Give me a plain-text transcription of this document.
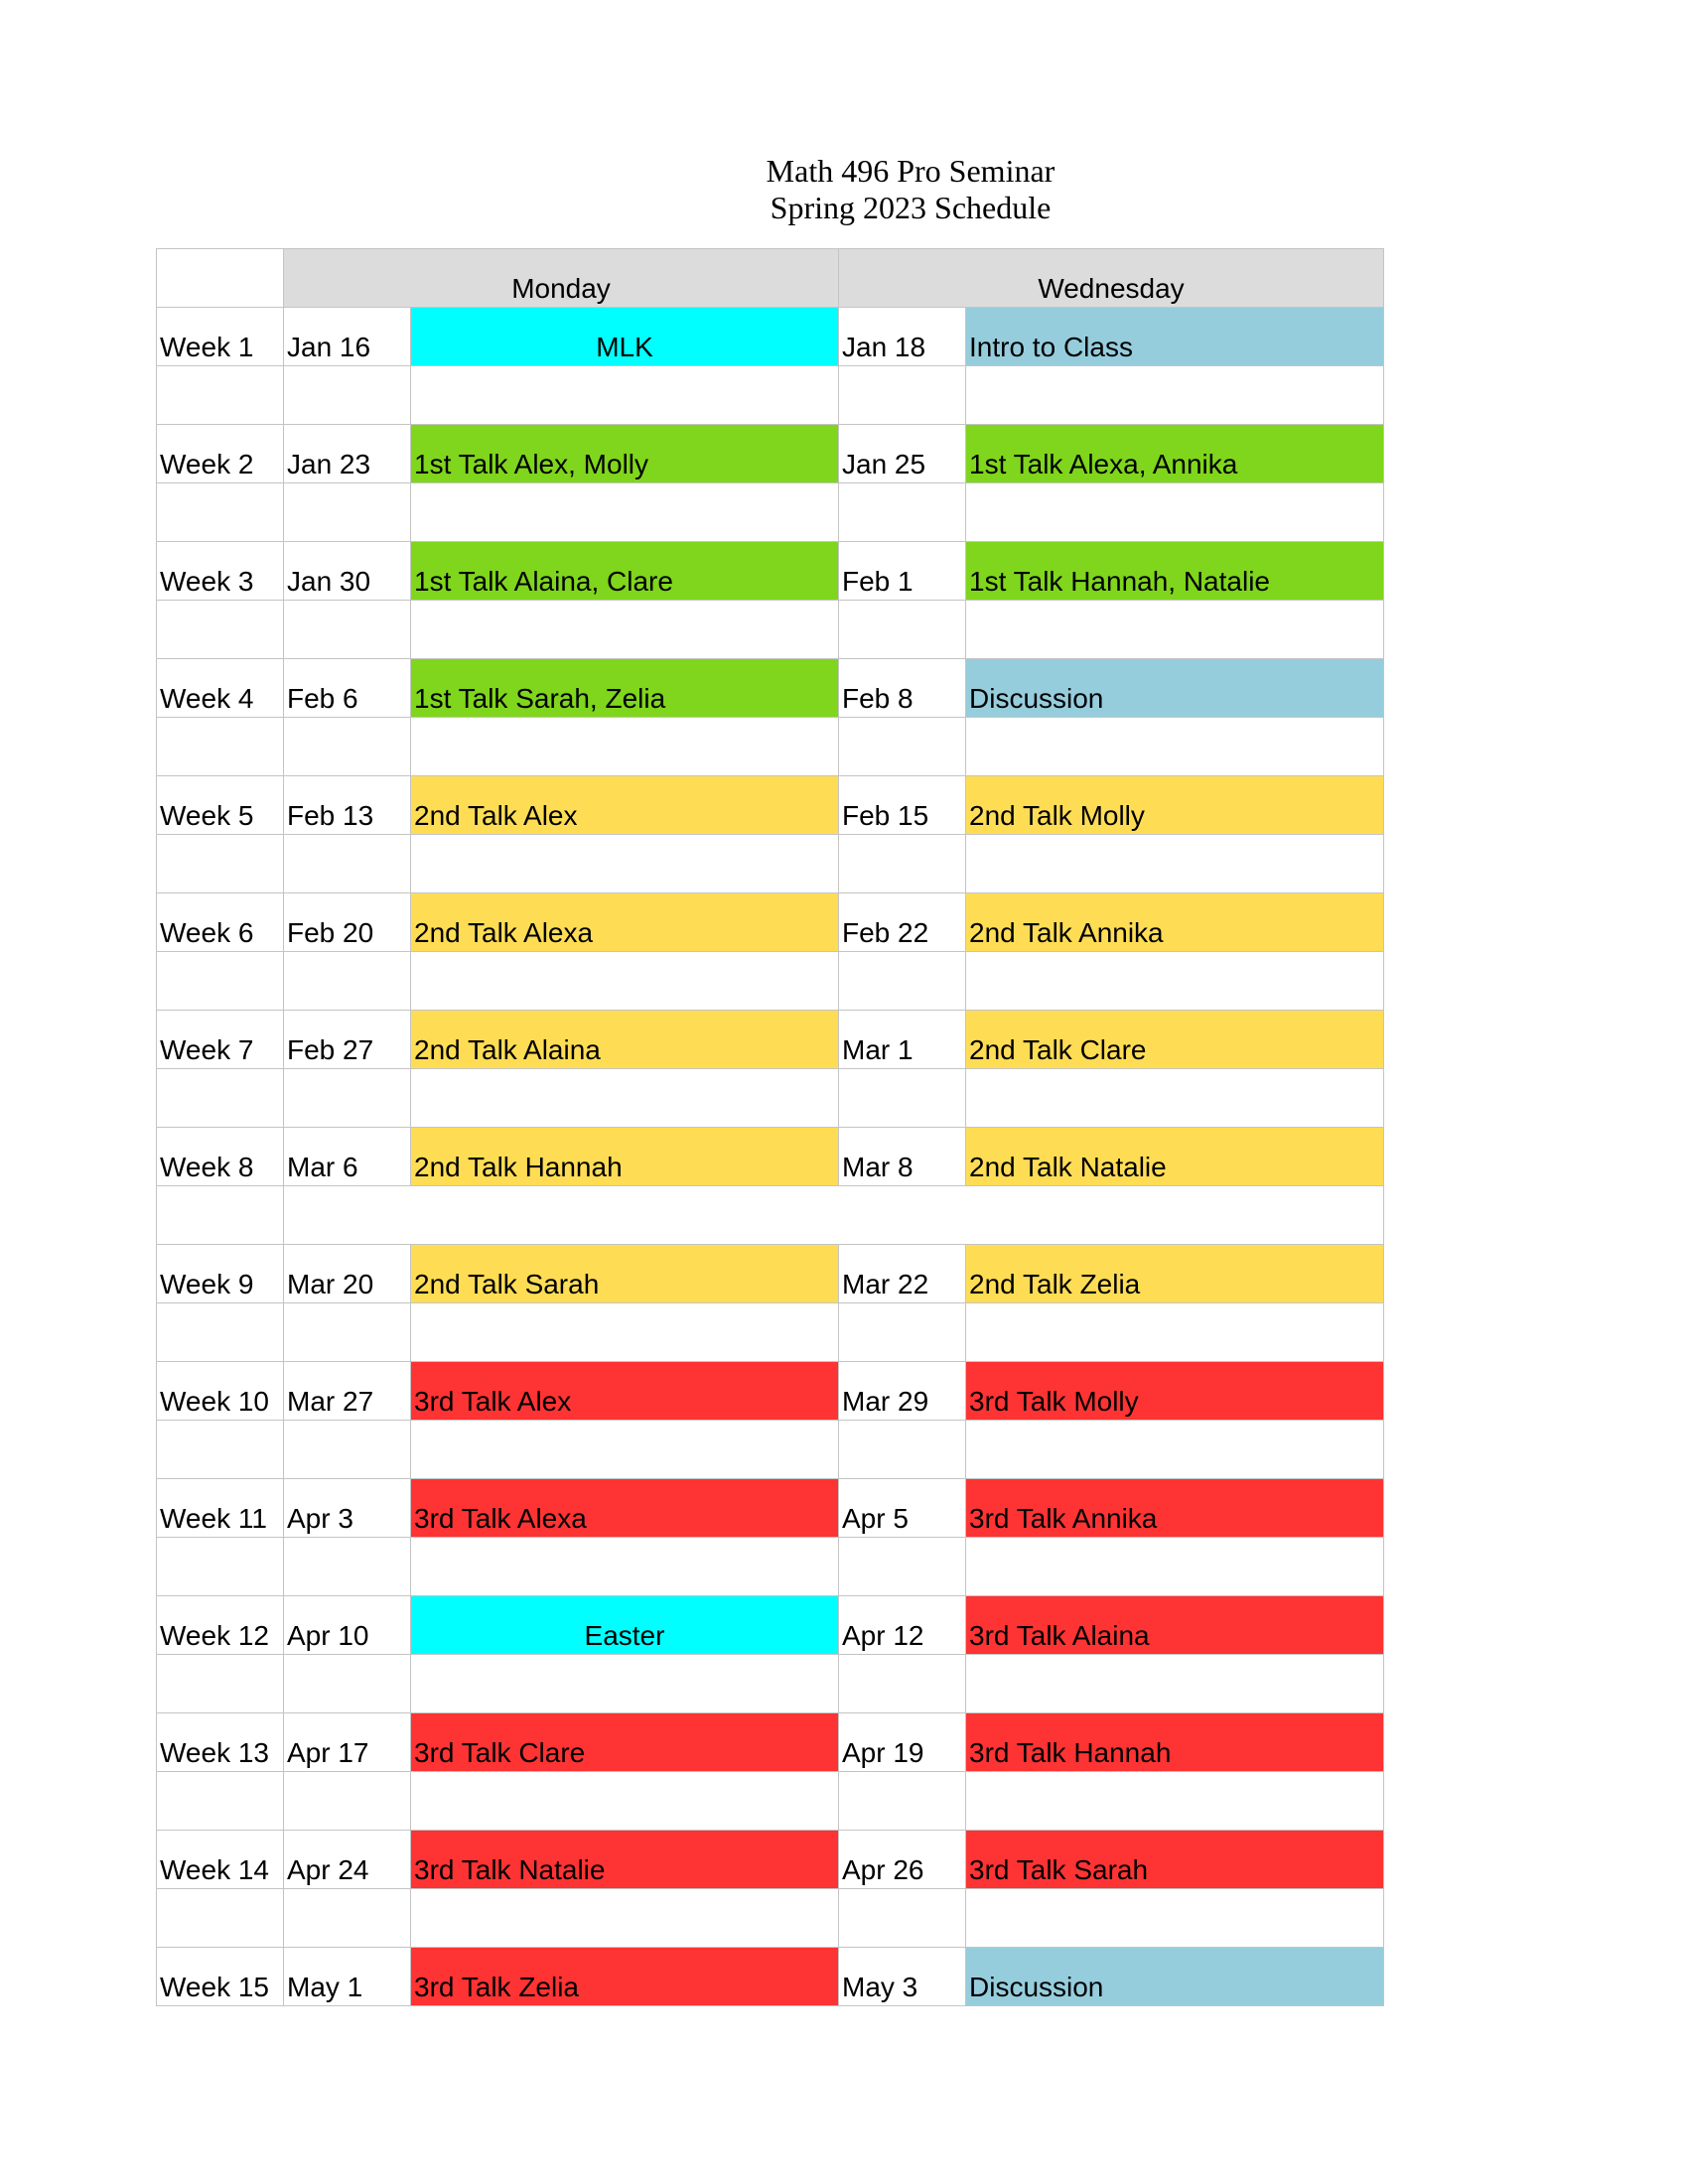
Math 496 Pro Seminar
Spring 2023 Schedule
	Monday		Wednesday	
Week 1	Jan 16	MLK	Jan 18	Intro to Class

Week 2	Jan 23	1st Talk Alex, Molly	Jan 25	1st Talk Alexa, Annika

Week 3	Jan 30	1st Talk Alaina, Clare	Feb 1	1st Talk Hannah, Natalie

Week 4	Feb 6	1st Talk Sarah, Zelia	Feb 8	Discussion

Week 5	Feb 13	2nd Talk Alex	Feb 15	2nd Talk Molly

Week 6	Feb 20	2nd Talk Alexa	Feb 22	2nd Talk Annika

Week 7	Feb 27	2nd Talk Alaina	Mar 1	2nd Talk Clare

Week 8	Mar 6	2nd Talk Hannah	Mar 8	2nd Talk Natalie

Week 9	Mar 20	2nd Talk Sarah	Mar 22	2nd Talk Zelia

Week 10	Mar 27	3rd Talk Alex	Mar 29	3rd Talk Molly

Week 11	Apr 3	3rd Talk Alexa	Apr 5	3rd Talk Annika

Week 12	Apr 10	Easter	Apr 12	3rd Talk Alaina

Week 13	Apr 17	3rd Talk Clare	Apr 19	3rd Talk Hannah

Week 14	Apr 24	3rd Talk Natalie	Apr 26	3rd Talk Sarah

Week 15	May 1	3rd Talk Zelia	May 3	Discussion
